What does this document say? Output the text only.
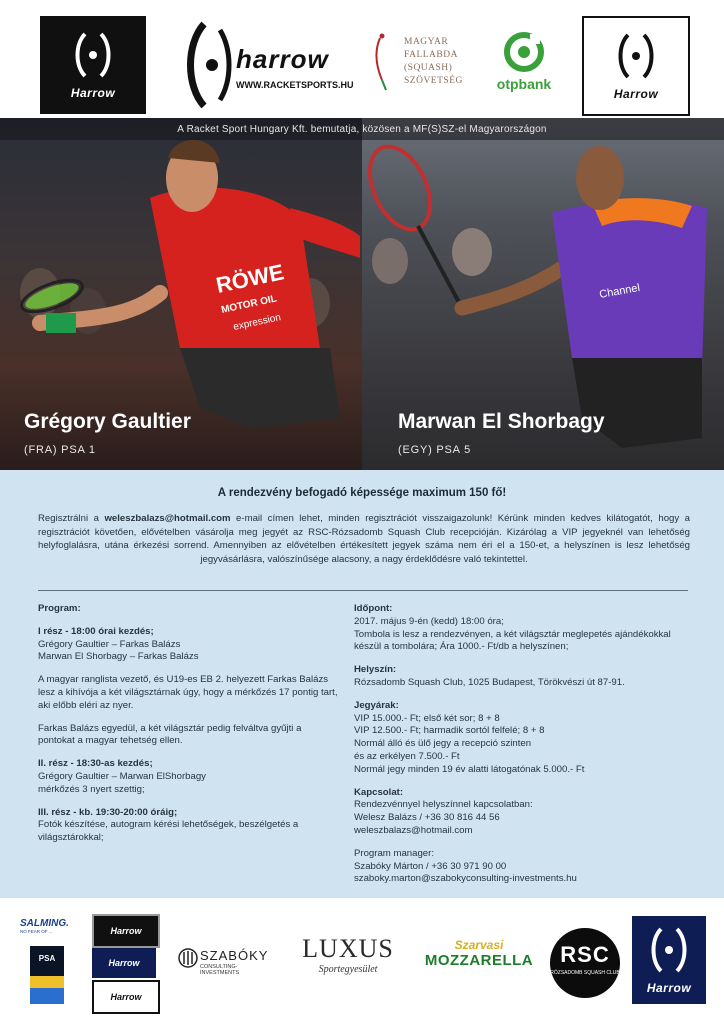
Harrow
harrow
WWW.RACKETSPORTS.HU
MAGYAR
FALLABDA
(SQUASH)
SZÖVETSÉG	otpbank
Harrow
RÖWE
MOTOR OIL
expression
Channel
A Racket Sport Hungary Kft. bemutatja, közösen a MF(S)SZ-el Magyarországon
Grégory Gaultier
(FRA) PSA 1
Marwan El Shorbagy
(EGY) PSA 5
A rendezvény befogadó képessége maximum 150 fő!

Regisztrálni a weleszbalazs@hotmail.com e-mail címen lehet, minden regisztrációt visszaigazolunk! Kérünk minden kedves kilátogatót, hogy a regisztrációt követően, elővételben vásárolja meg jegyét az RSC-Rózsadomb Squash Club recepcióján. Kizárólag a VIP jegyeknél van lehetőség helyfoglalásra, utána érkezési sorrend. Amennyiben az elővételben értékesített jegyek száma nem éri el a 150-et, a helyszínen is lesz lehetőség jegyvásárlásra, valószínűsége alacsony, a nagy érdeklődésre való tekintettel.

Program:

I rész - 18:00 órai kezdés;
Grégory Gaultier – Farkas Balázs
Marwan El Shorbagy – Farkas Balázs

A magyar ranglista vezető, és U19-es EB 2. helyezett Farkas Balázs lesz a kihívója a két világsztárnak úgy, hogy a mérkőzés 17 pontig tart, aki előbb eléri az nyer.

Farkas Balázs egyedül, a két világsztár pedig felváltva gyűjti a pontokat a magyar tehetség ellen.

II. rész - 18:30-as kezdés;
Grégory Gaultier – Marwan ElShorbagy
mérkőzés 3 nyert szettig;

III. rész - kb. 19:30-20:00 óráig;
Fotók készítése, autogram kérési lehetőségek, beszélgetés a világsztárokkal;

Időpont:
2017. május 9-én (kedd) 18:00 óra;
Tombola is lesz a rendezvényen, a két világsztár meglepetés ajándékokkal készül a tombolára; Ára 1000.- Ft/db a helyszínen;

Helyszín:
Rózsadomb Squash Club, 1025 Budapest, Törökvészi út 87-91.

Jegyárak:
VIP 15.000.- Ft; első két sor; 8 + 8
VIP 12.500.- Ft; harmadik sortól felfelé; 8 + 8
Normál álló és ülő jegy a recepció szinten
és az erkélyen 7.500.- Ft
Normál jegy minden 19 év alatti látogatónak 5.000.- Ft

Kapcsolat:
Rendezvénnyel helyszínnel kapcsolatban:
Welesz Balázs / +36 30 816 44 56
weleszbalazs@hotmail.com

Program manager:
Szabóky Márton / +36 30 971 90 00
szaboky.marton@szabokyconsulting-investments.hu

SALMING.
NO FEAR OF ...
PSA
Harrow
Harrow
Harrow
SZABÓKY
CONSULTING-INVESTMENTS
LUXUS
Sportegyesület
Szarvasi
MOZZARELLA	RSC
RÓZSADOMB SQUASH CLUB
Harrow
